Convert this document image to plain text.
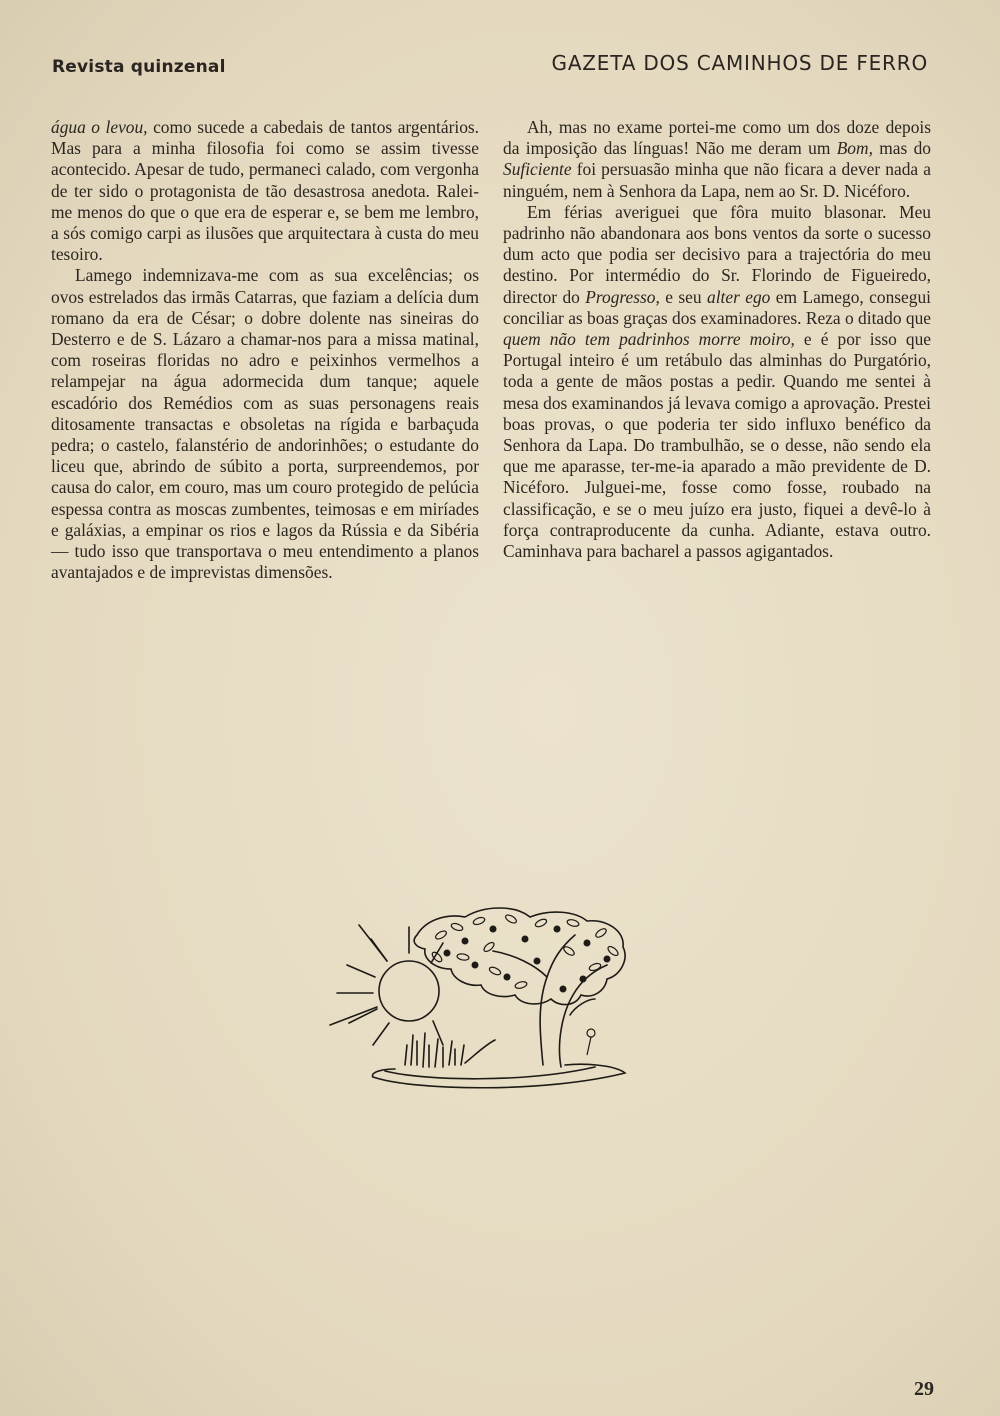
Revista quinzenal	GAZETA DOS CAMINHOS DE FERRO

água o levou, como sucede a cabedais de tantos argentários. Mas para a minha filosofia foi como se assim tivesse acontecido. Apesar de tudo, permaneci calado, com vergonha de ter sido o protagonista de tão desastrosa anedota. Ralei-me menos do que o que era de esperar e, se bem me lembro, a sós comigo carpi as ilusões que arquitectara à custa do meu tesoiro.

Lamego indemnizava-me com as sua excelências; os ovos estrelados das irmãs Catarras, que faziam a delícia dum romano da era de César; o dobre dolente nas sineiras do Desterro e de S. Lázaro a chamar-nos para a missa matinal, com roseiras floridas no adro e peixinhos vermelhos a relampejar na água adormecida dum tanque; aquele escadório dos Remédios com as suas personagens reais ditosamente transactas e obsoletas na rígida e barbaçuda pedra; o castelo, falanstério de andorinhões; o estudante do liceu que, abrindo de súbito a porta, surpreendemos, por causa do calor, em couro, mas um couro protegido de pelúcia espessa contra as moscas zumbentes, teimosas e em miríades e galáxias, a empinar os rios e lagos da Rússia e da Sibéria — tudo isso que transportava o meu entendimento a planos avantajados e de imprevistas dimensões.

Ah, mas no exame portei-me como um dos doze depois da imposição das línguas! Não me deram um Bom, mas do Suficiente foi persuasão minha que não ficara a dever nada a ninguém, nem à Senhora da Lapa, nem ao Sr. D. Nicéforo.

Em férias averiguei que fôra muito blasonar. Meu padrinho não abandonara aos bons ventos da sorte o sucesso dum acto que podia ser decisivo para a trajectória do meu destino. Por intermédio do Sr. Florindo de Figueiredo, director do Progresso, e seu alter ego em Lamego, consegui conciliar as boas graças dos examinadores. Reza o ditado que quem não tem padrinhos morre moiro, e é por isso que Portugal inteiro é um retábulo das alminhas do Purgatório, toda a gente de mãos postas a pedir. Quando me sentei à mesa dos examinandos já levava comigo a aprovação. Prestei boas provas, o que poderia ter sido influxo benéfico da Senhora da Lapa. Do trambulhão, se o desse, não sendo ela que me aparasse, ter-me-ia aparado a mão previdente de D. Nicéforo. Julguei-me, fosse como fosse, roubado na classificação, e se o meu juízo era justo, fiquei a devê-lo à força contraproducente da cunha. Adiante, estava outro. Caminhava para bacharel a passos agigantados.

29
